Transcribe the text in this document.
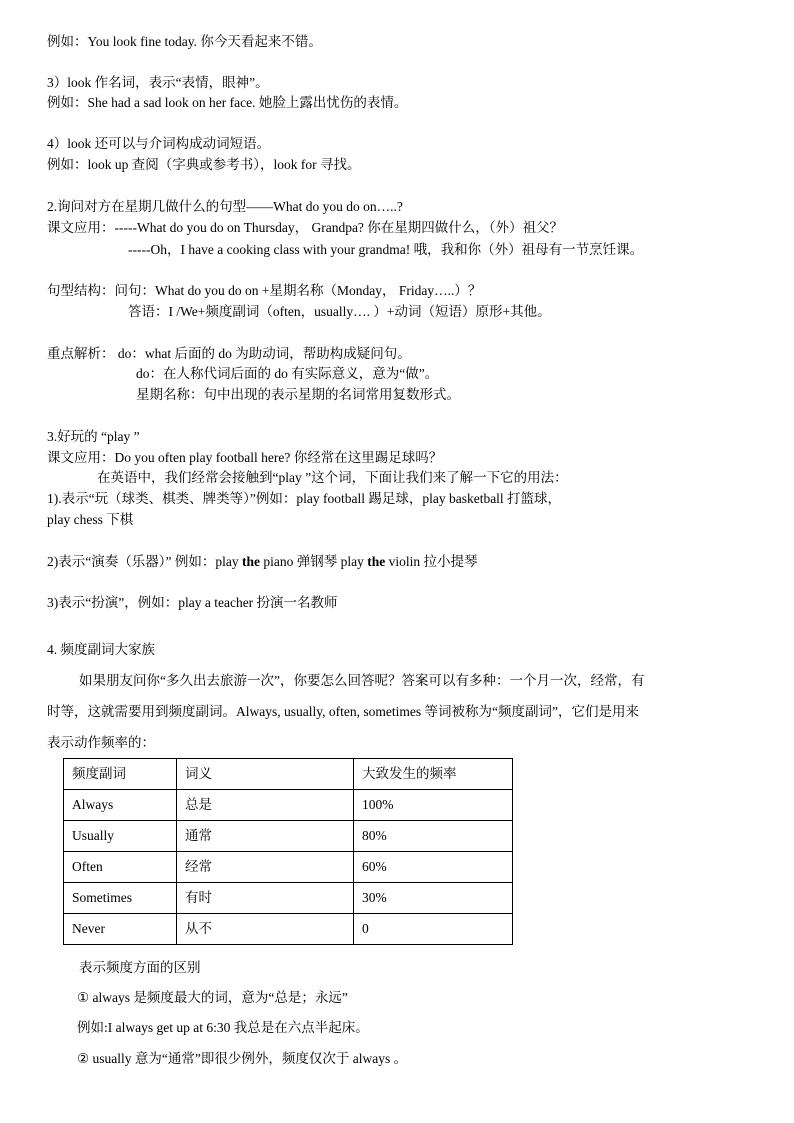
例如：You look fine today. 你今天看起来不错。
3）look 作名词，表示“表情，眼神”。
例如：She had a sad look on her face. 她脸上露出忧伤的表情。
4）look 还可以与介词构成动词短语。
例如：look up 查阅（字典或参考书），look for 寻找。
2.询问对方在星期几做什么的句型——What do you do on…..?
课文应用：-----What do you do on Thursday， Grandpa? 你在星期四做什么，（外）祖父？
-----Oh，I have a cooking class with your grandma! 哦，我和你（外）祖母有一节烹饪课。
句型结构：问句：What do you do on +星期名称（Monday， Friday…..）？
答语：I /We+频度副词（often，usually…. ）+动词（短语）原形+其他。
重点解析： do：what 后面的 do 为助动词，帮助构成疑问句。
do：在人称代词后面的 do 有实际意义，意为“做”。
星期名称：句中出现的表示星期的名词常用复数形式。
3.好玩的 “play ”
课文应用：Do you often play football here? 你经常在这里踢足球吗？
在英语中，我们经常会接触到“play ”这个词，下面让我们来了解一下它的用法：
1).表示“玩（球类、棋类、牌类等）”例如：play football 踢足球，play basketball 打篮球，
play chess 下棋
2)表示“演奏（乐器）” 例如：play the piano 弹钢琴 play the violin 拉小提琴
3)表示“扮演”，例如：play a teacher 扮演一名教师
4. 频度副词大家族
如果朋友问你“多久出去旅游一次”，你要怎么回答呢？答案可以有多种：一个月一次，经常，有
时等，这就需要用到频度副词。Always, usually, often, sometimes 等词被称为“频度副词”，它们是用来
表示动作频率的：
频度副词	词义	大致发生的频率
Always	总是	100%
Usually	通常	80%
Often	经常	60%
Sometimes	有时	30%
Never	从不	0
表示频度方面的区别
① always 是频度最大的词，意为“总是；永远”
例如:I always get up at 6:30 我总是在六点半起床。
② usually 意为“通常”即很少例外，频度仅次于 always 。
